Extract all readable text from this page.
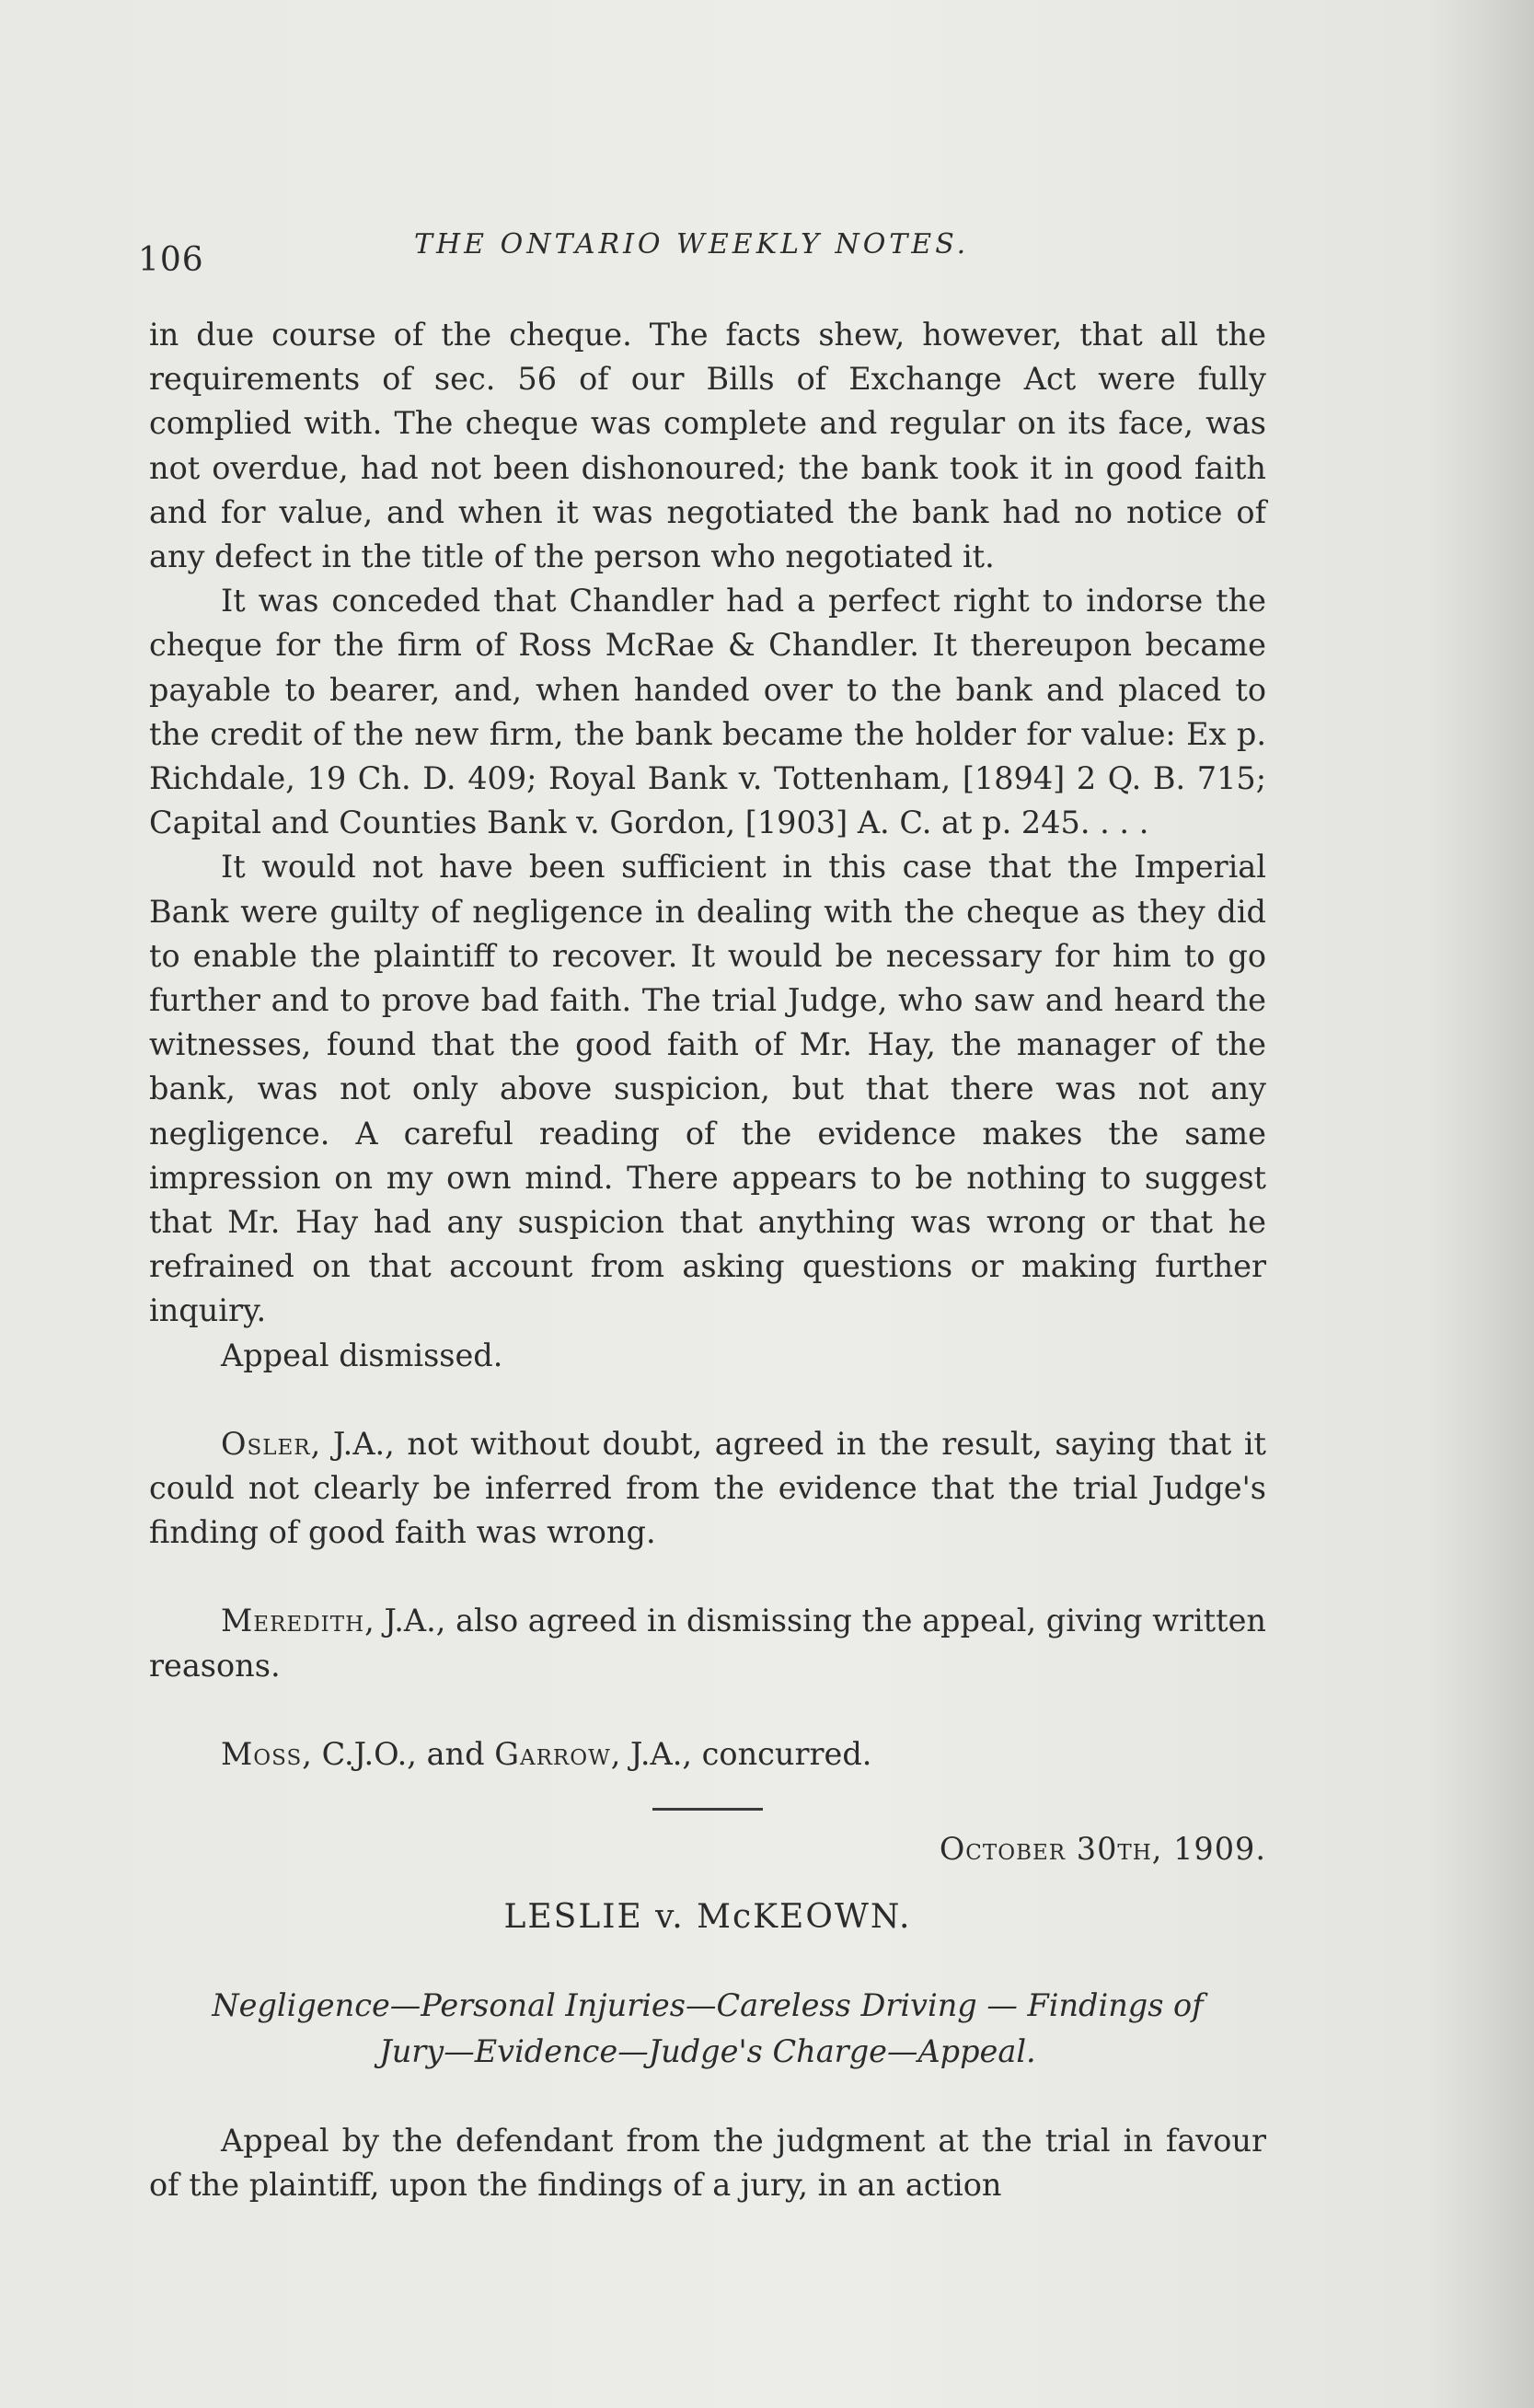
106	THE ONTARIO WEEKLY NOTES.

in due course of the cheque. The facts shew, however, that all the requirements of sec. 56 of our Bills of Exchange Act were fully complied with. The cheque was complete and regular on its face, was not overdue, had not been dishonoured; the bank took it in good faith and for value, and when it was negotiated the bank had no notice of any defect in the title of the person who negotiated it.

It was conceded that Chandler had a perfect right to indorse the cheque for the firm of Ross McRae & Chandler. It thereupon became payable to bearer, and, when handed over to the bank and placed to the credit of the new firm, the bank became the holder for value: Ex p. Richdale, 19 Ch. D. 409; Royal Bank v. Tottenham, [1894] 2 Q. B. 715; Capital and Counties Bank v. Gordon, [1903] A. C. at p. 245. . . .

It would not have been sufficient in this case that the Imperial Bank were guilty of negligence in dealing with the cheque as they did to enable the plaintiff to recover. It would be necessary for him to go further and to prove bad faith. The trial Judge, who saw and heard the witnesses, found that the good faith of Mr. Hay, the manager of the bank, was not only above suspicion, but that there was not any negligence. A careful reading of the evidence makes the same impression on my own mind. There appears to be nothing to suggest that Mr. Hay had any suspicion that anything was wrong or that he refrained on that account from asking questions or making further inquiry.

Appeal dismissed.

Osler, J.A., not without doubt, agreed in the result, saying that it could not clearly be inferred from the evidence that the trial Judge's finding of good faith was wrong.

Meredith, J.A., also agreed in dismissing the appeal, giving written reasons.

Moss, C.J.O., and Garrow, J.A., concurred.

October 30th, 1909.

LESLIE v. McKEOWN.
Negligence—Personal Injuries—Careless Driving — Findings of
Jury—Evidence—Judge's Charge—Appeal.

Appeal by the defendant from the judgment at the trial in favour of the plaintiff, upon the findings of a jury, in an action
